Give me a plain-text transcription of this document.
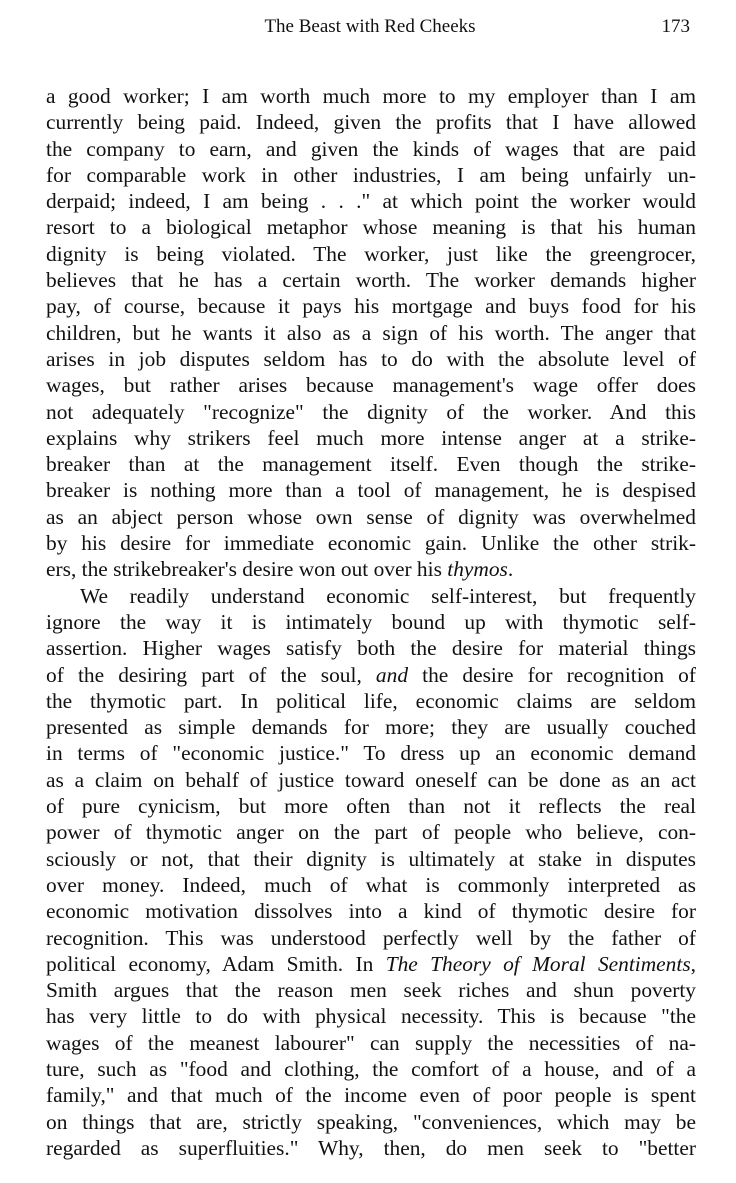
The Beast with Red Cheeks	173
a good worker; I am worth much more to my employer than I am
currently being paid. Indeed, given the profits that I have allowed
the company to earn, and given the kinds of wages that are paid
for comparable work in other industries, I am being unfairly un-
derpaid; indeed, I am being . . ." at which point the worker would
resort to a biological metaphor whose meaning is that his human
dignity is being violated. The worker, just like the greengrocer,
believes that he has a certain worth. The worker demands higher
pay, of course, because it pays his mortgage and buys food for his
children, but he wants it also as a sign of his worth. The anger that
arises in job disputes seldom has to do with the absolute level of
wages, but rather arises because management's wage offer does
not adequately "recognize" the dignity of the worker. And this
explains why strikers feel much more intense anger at a strike-
breaker than at the management itself. Even though the strike-
breaker is nothing more than a tool of management, he is despised
as an abject person whose own sense of dignity was overwhelmed
by his desire for immediate economic gain. Unlike the other strik-
ers, the strikebreaker's desire won out over his thymos.
We readily understand economic self-interest, but frequently
ignore the way it is intimately bound up with thymotic self-
assertion. Higher wages satisfy both the desire for material things
of the desiring part of the soul, and the desire for recognition of
the thymotic part. In political life, economic claims are seldom
presented as simple demands for more; they are usually couched
in terms of "economic justice." To dress up an economic demand
as a claim on behalf of justice toward oneself can be done as an act
of pure cynicism, but more often than not it reflects the real
power of thymotic anger on the part of people who believe, con-
sciously or not, that their dignity is ultimately at stake in disputes
over money. Indeed, much of what is commonly interpreted as
economic motivation dissolves into a kind of thymotic desire for
recognition. This was understood perfectly well by the father of
political economy, Adam Smith. In The Theory of Moral Sentiments,
Smith argues that the reason men seek riches and shun poverty
has very little to do with physical necessity. This is because "the
wages of the meanest labourer" can supply the necessities of na-
ture, such as "food and clothing, the comfort of a house, and of a
family," and that much of the income even of poor people is spent
on things that are, strictly speaking, "conveniences, which may be
regarded as superfluities." Why, then, do men seek to "better
